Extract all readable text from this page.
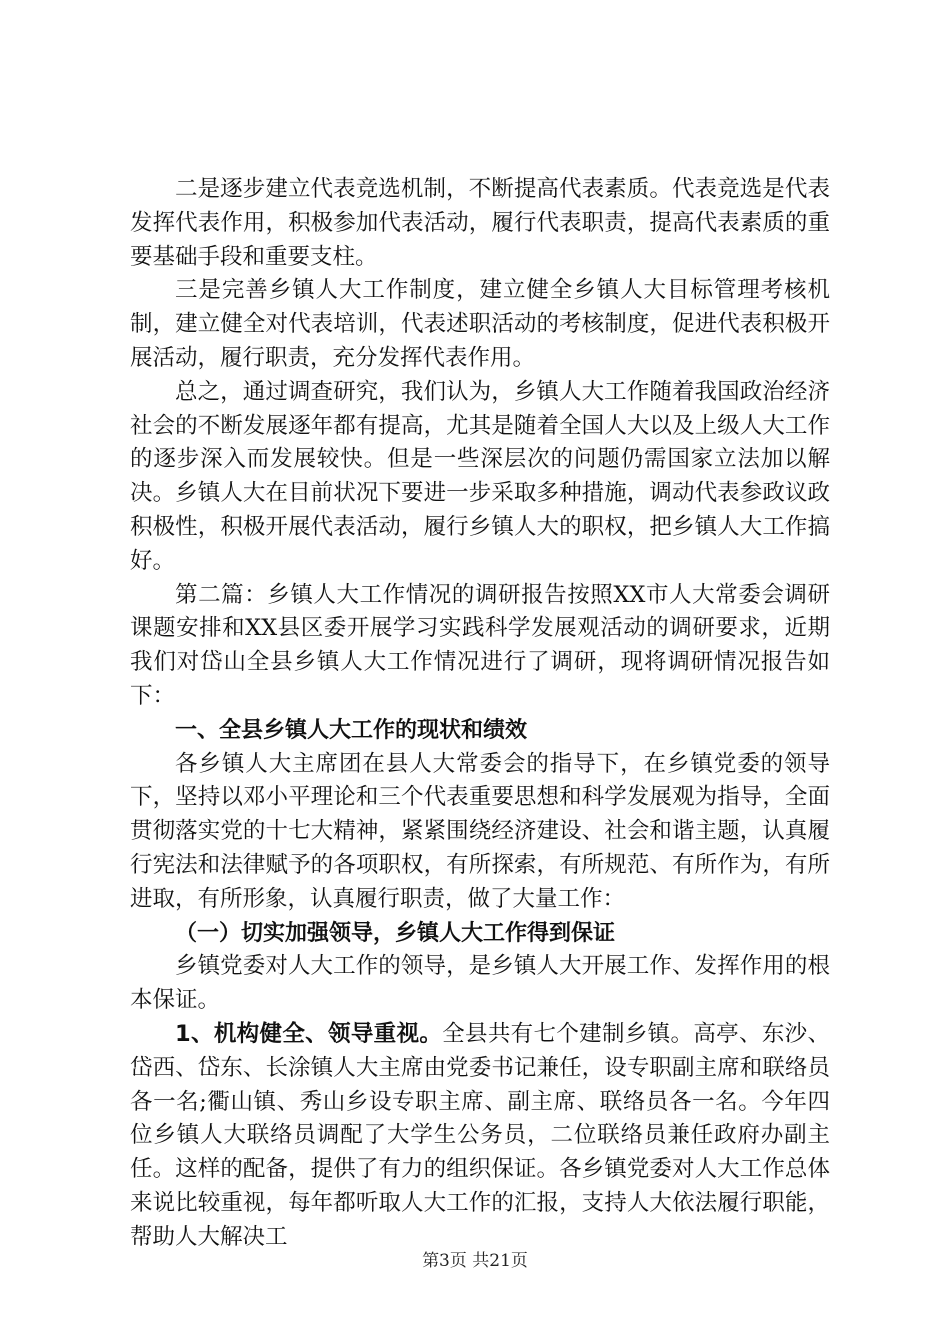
二是逐步建立代表竞选机制，不断提高代表素质。代表竞选是代表发挥代表作用，积极参加代表活动，履行代表职责，提高代表素质的重要基础手段和重要支柱。

三是完善乡镇人大工作制度，建立健全乡镇人大目标管理考核机制，建立健全对代表培训，代表述职活动的考核制度，促进代表积极开展活动，履行职责，充分发挥代表作用。

总之，通过调查研究，我们认为，乡镇人大工作随着我国政治经济社会的不断发展逐年都有提高，尤其是随着全国人大以及上级人大工作的逐步深入而发展较快。但是一些深层次的问题仍需国家立法加以解决。乡镇人大在目前状况下要进一步采取多种措施，调动代表参政议政积极性，积极开展代表活动，履行乡镇人大的职权，把乡镇人大工作搞好。

第二篇：乡镇人大工作情况的调研报告按照XX市人大常委会调研课题安排和XX县区委开展学习实践科学发展观活动的调研要求，近期我们对岱山全县乡镇人大工作情况进行了调研，现将调研情况报告如下：

一、全县乡镇人大工作的现状和绩效

各乡镇人大主席团在县人大常委会的指导下，在乡镇党委的领导下，坚持以邓小平理论和三个代表重要思想和科学发展观为指导，全面贯彻落实党的十七大精神，紧紧围绕经济建设、社会和谐主题，认真履行宪法和法律赋予的各项职权，有所探索，有所规范、有所作为，有所进取，有所形象，认真履行职责，做了大量工作：

（一）切实加强领导，乡镇人大工作得到保证

乡镇党委对人大工作的领导，是乡镇人大开展工作、发挥作用的根本保证。

1、机构健全、领导重视。全县共有七个建制乡镇。高亭、东沙、岱西、岱东、长涂镇人大主席由党委书记兼任，设专职副主席和联络员各一名;衢山镇、秀山乡设专职主席、副主席、联络员各一名。今年四位乡镇人大联络员调配了大学生公务员，二位联络员兼任政府办副主任。这样的配备，提供了有力的组织保证。各乡镇党委对人大工作总体来说比较重视，每年都听取人大工作的汇报，支持人大依法履行职能，帮助人大解决工

第3页 共21页
